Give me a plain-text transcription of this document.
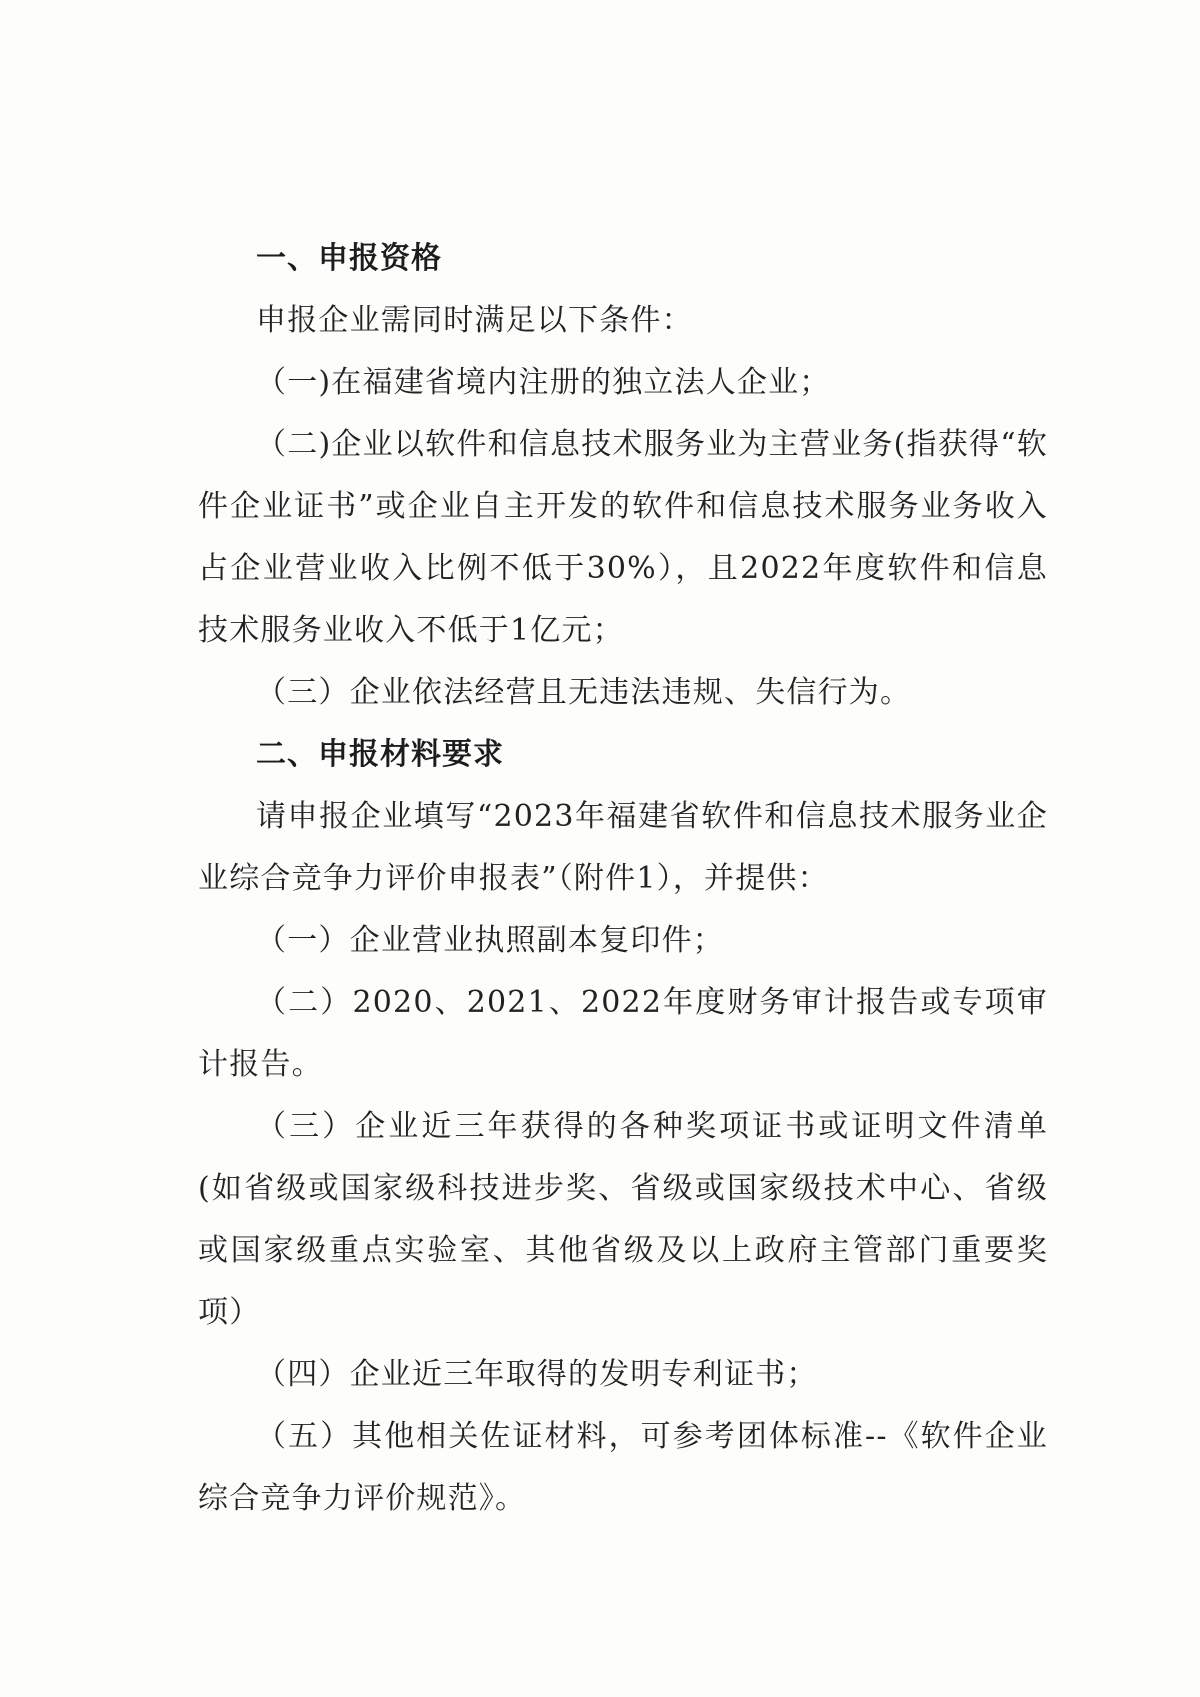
一、申报资格

申报企业需同时满足以下条件：

（一)在福建省境内注册的独立法人企业；

（二)企业以软件和信息技术服务业为主营业务(指获得“软件企业证书”或企业自主开发的软件和信息技术服务业务收入占企业营业收入比例不低于30%），且2022年度软件和信息技术服务业收入不低于1亿元；

（三）企业依法经营且无违法违规、失信行为。

二、申报材料要求

请申报企业填写“2023年福建省软件和信息技术服务业企业综合竞争力评价申报表”（附件1），并提供：

（一）企业营业执照副本复印件；

（二）2020、2021、2022年度财务审计报告或专项审计报告。

（三）企业近三年获得的各种奖项证书或证明文件清单(如省级或国家级科技进步奖、省级或国家级技术中心、省级或国家级重点实验室、其他省级及以上政府主管部门重要奖项）

（四）企业近三年取得的发明专利证书；

（五）其他相关佐证材料，可参考团体标准--《软件企业综合竞争力评价规范》。
